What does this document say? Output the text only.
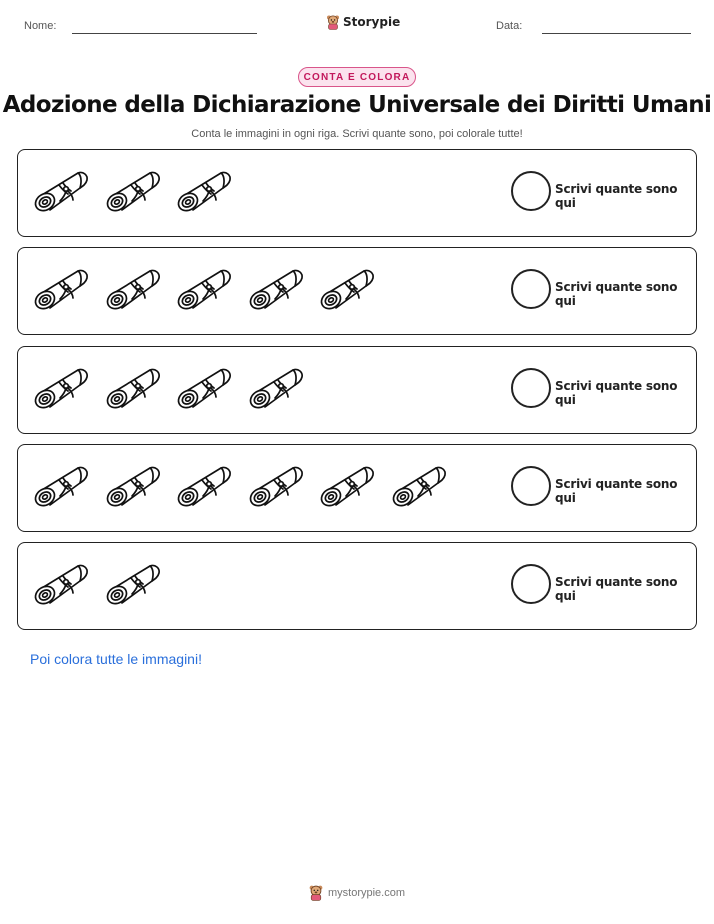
Nome:	Storypie	Data:
CONTA E COLORA
Adozione della Dichiarazione Universale dei Diritti Umani
Conta le immagini in ogni riga. Scrivi quante sono, poi colorale tutte!
Scrivi quante sono qui
Scrivi quante sono qui
Scrivi quante sono qui
Scrivi quante sono qui
Scrivi quante sono qui
Poi colora tutte le immagini!
mystorypie.com
